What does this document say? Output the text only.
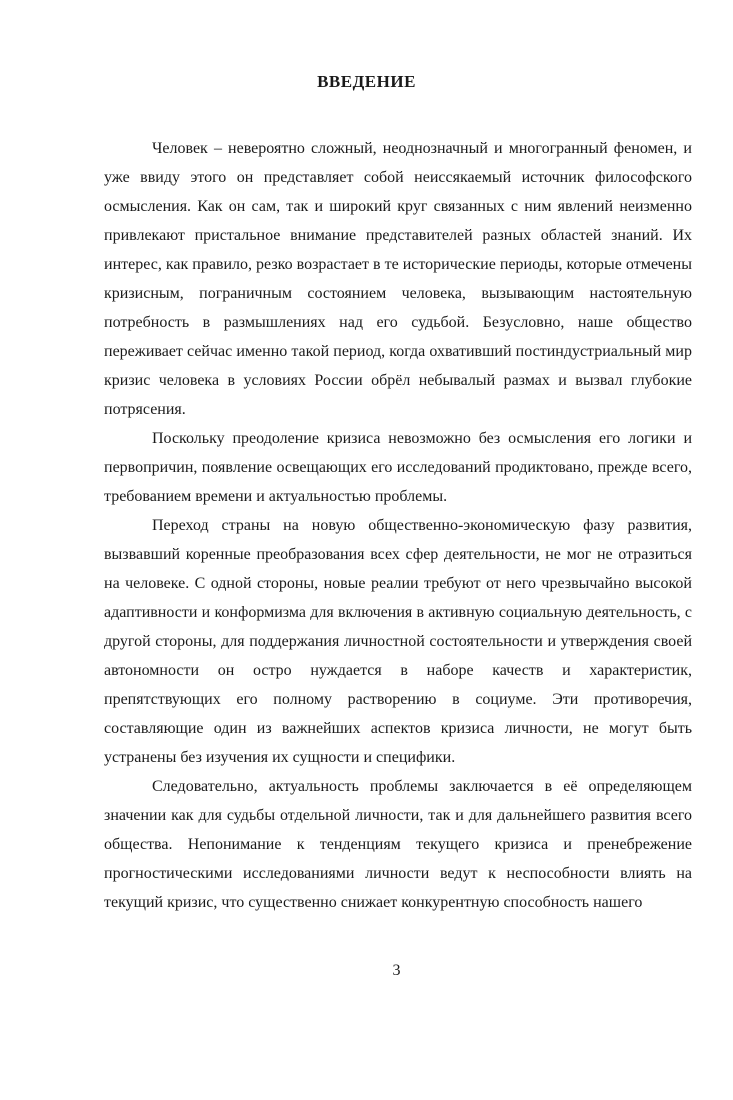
ВВЕДЕНИЕ

Человек – невероятно сложный, неоднозначный и многогранный феномен, и уже ввиду этого он представляет собой неиссякаемый источник философского осмысления. Как он сам, так и широкий круг связанных с ним явлений неизменно привлекают пристальное внимание представителей разных областей знаний. Их интерес, как правило, резко возрастает в те исторические периоды, которые отмечены кризисным, пограничным состоянием человека, вызывающим настоятельную потребность в размышлениях над его судьбой. Безусловно, наше общество переживает сейчас именно такой период, когда охвативший постиндустриальный мир кризис человека в условиях России обрёл небывалый размах и вызвал глубокие потрясения.

Поскольку преодоление кризиса невозможно без осмысления его логики и первопричин, появление освещающих его исследований продиктовано, прежде всего, требованием времени и актуальностью проблемы.

Переход страны на новую общественно-экономическую фазу развития, вызвавший коренные преобразования всех сфер деятельности, не мог не отразиться на человеке. С одной стороны, новые реалии требуют от него чрезвычайно высокой адаптивности и конформизма для включения в активную социальную деятельность, с другой стороны, для поддержания личностной состоятельности и утверждения своей автономности он остро нуждается в наборе качеств и характеристик, препятствующих его полному растворению в социуме. Эти противоречия, составляющие один из важнейших аспектов кризиса личности, не могут быть устранены без изучения их сущности и специфики.

Следовательно, актуальность проблемы заключается в её определяющем значении как для судьбы отдельной личности, так и для дальнейшего развития всего общества. Непонимание к тенденциям текущего кризиса и пренебрежение прогностическими исследованиями личности ведут к неспособности влиять на текущий кризис, что существенно снижает конкурентную способность нашего

3
